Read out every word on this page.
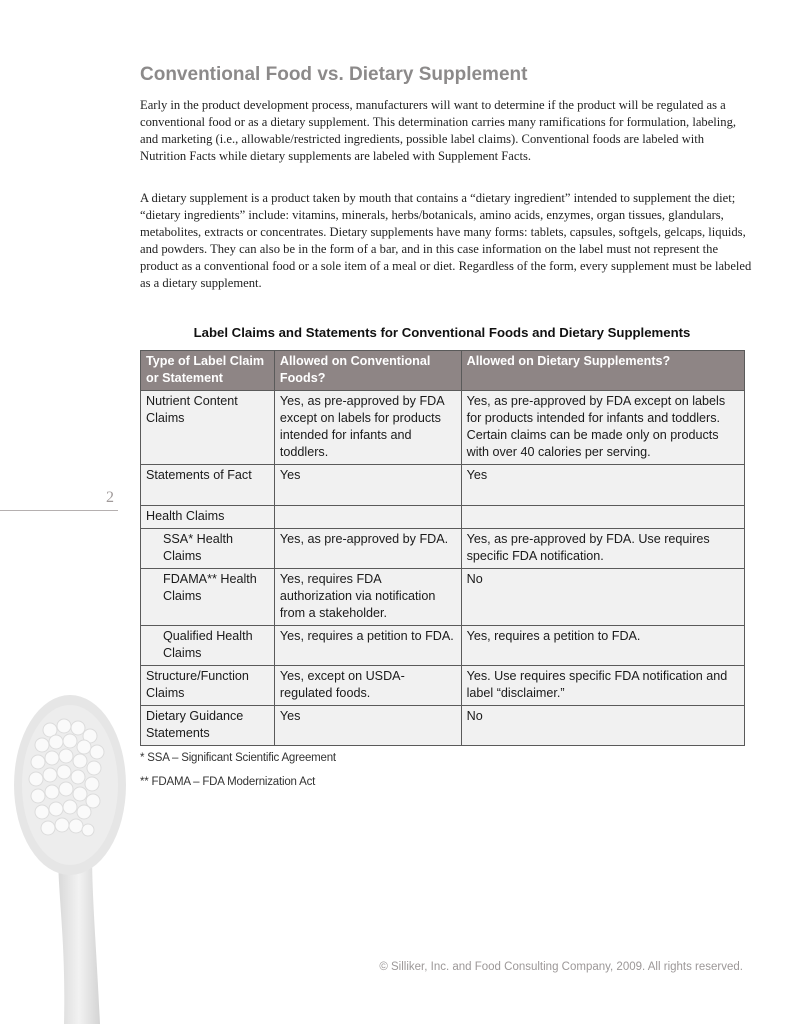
Conventional Food vs. Dietary Supplement

Early in the product development process, manufacturers will want to determine if the product will be regulated as a conventional food or as a dietary supplement. This determination carries many ramifications for formulation, labeling, and marketing (i.e., allowable/restricted ingredients, possible label claims). Conventional foods are labeled with Nutrition Facts while dietary supplements are labeled with Supplement Facts.

A dietary supplement is a product taken by mouth that contains a “dietary ingredient” intended to supplement the diet; “dietary ingredients” include: vitamins, minerals, herbs/botanicals, amino acids, enzymes, organ tissues, glandulars, metabolites, extracts or concentrates. Dietary supplements have many forms: tablets, capsules, softgels, gelcaps, liquids, and powders. They can also be in the form of a bar, and in this case information on the label must not represent the product as a conventional food or a sole item of a meal or diet. Regardless of the form, every supplement must be labeled as a dietary supplement.

Label Claims and Statements for Conventional Foods and Dietary Supplements
Type of Label Claim or Statement	Allowed on Conventional Foods?	Allowed on Dietary Supplements?
Nutrient Content Claims	Yes, as pre-approved by FDA except on labels for products intended for infants and toddlers.	Yes, as pre-approved by FDA except on labels for products intended for infants and toddlers. Certain claims can be made only on products with over 40 calories per serving.
Statements of Fact	Yes	Yes
Health Claims		
SSA* Health Claims	Yes, as pre-approved by FDA.	Yes, as pre-approved by FDA. Use requires specific FDA notification.
FDAMA** Health Claims	Yes, requires FDA authorization via notification from a stakeholder.	No
Qualified Health Claims	Yes, requires a petition to FDA.	Yes, requires a petition to FDA.
Structure/Function Claims	Yes, except on USDA-regulated foods.	Yes. Use requires specific FDA notification and label “disclaimer.”
Dietary Guidance Statements	Yes	No
* SSA – Significant Scientific Agreement
** FDAMA – FDA Modernization Act
2
© Silliker, Inc. and Food Consulting Company, 2009. All rights reserved.
